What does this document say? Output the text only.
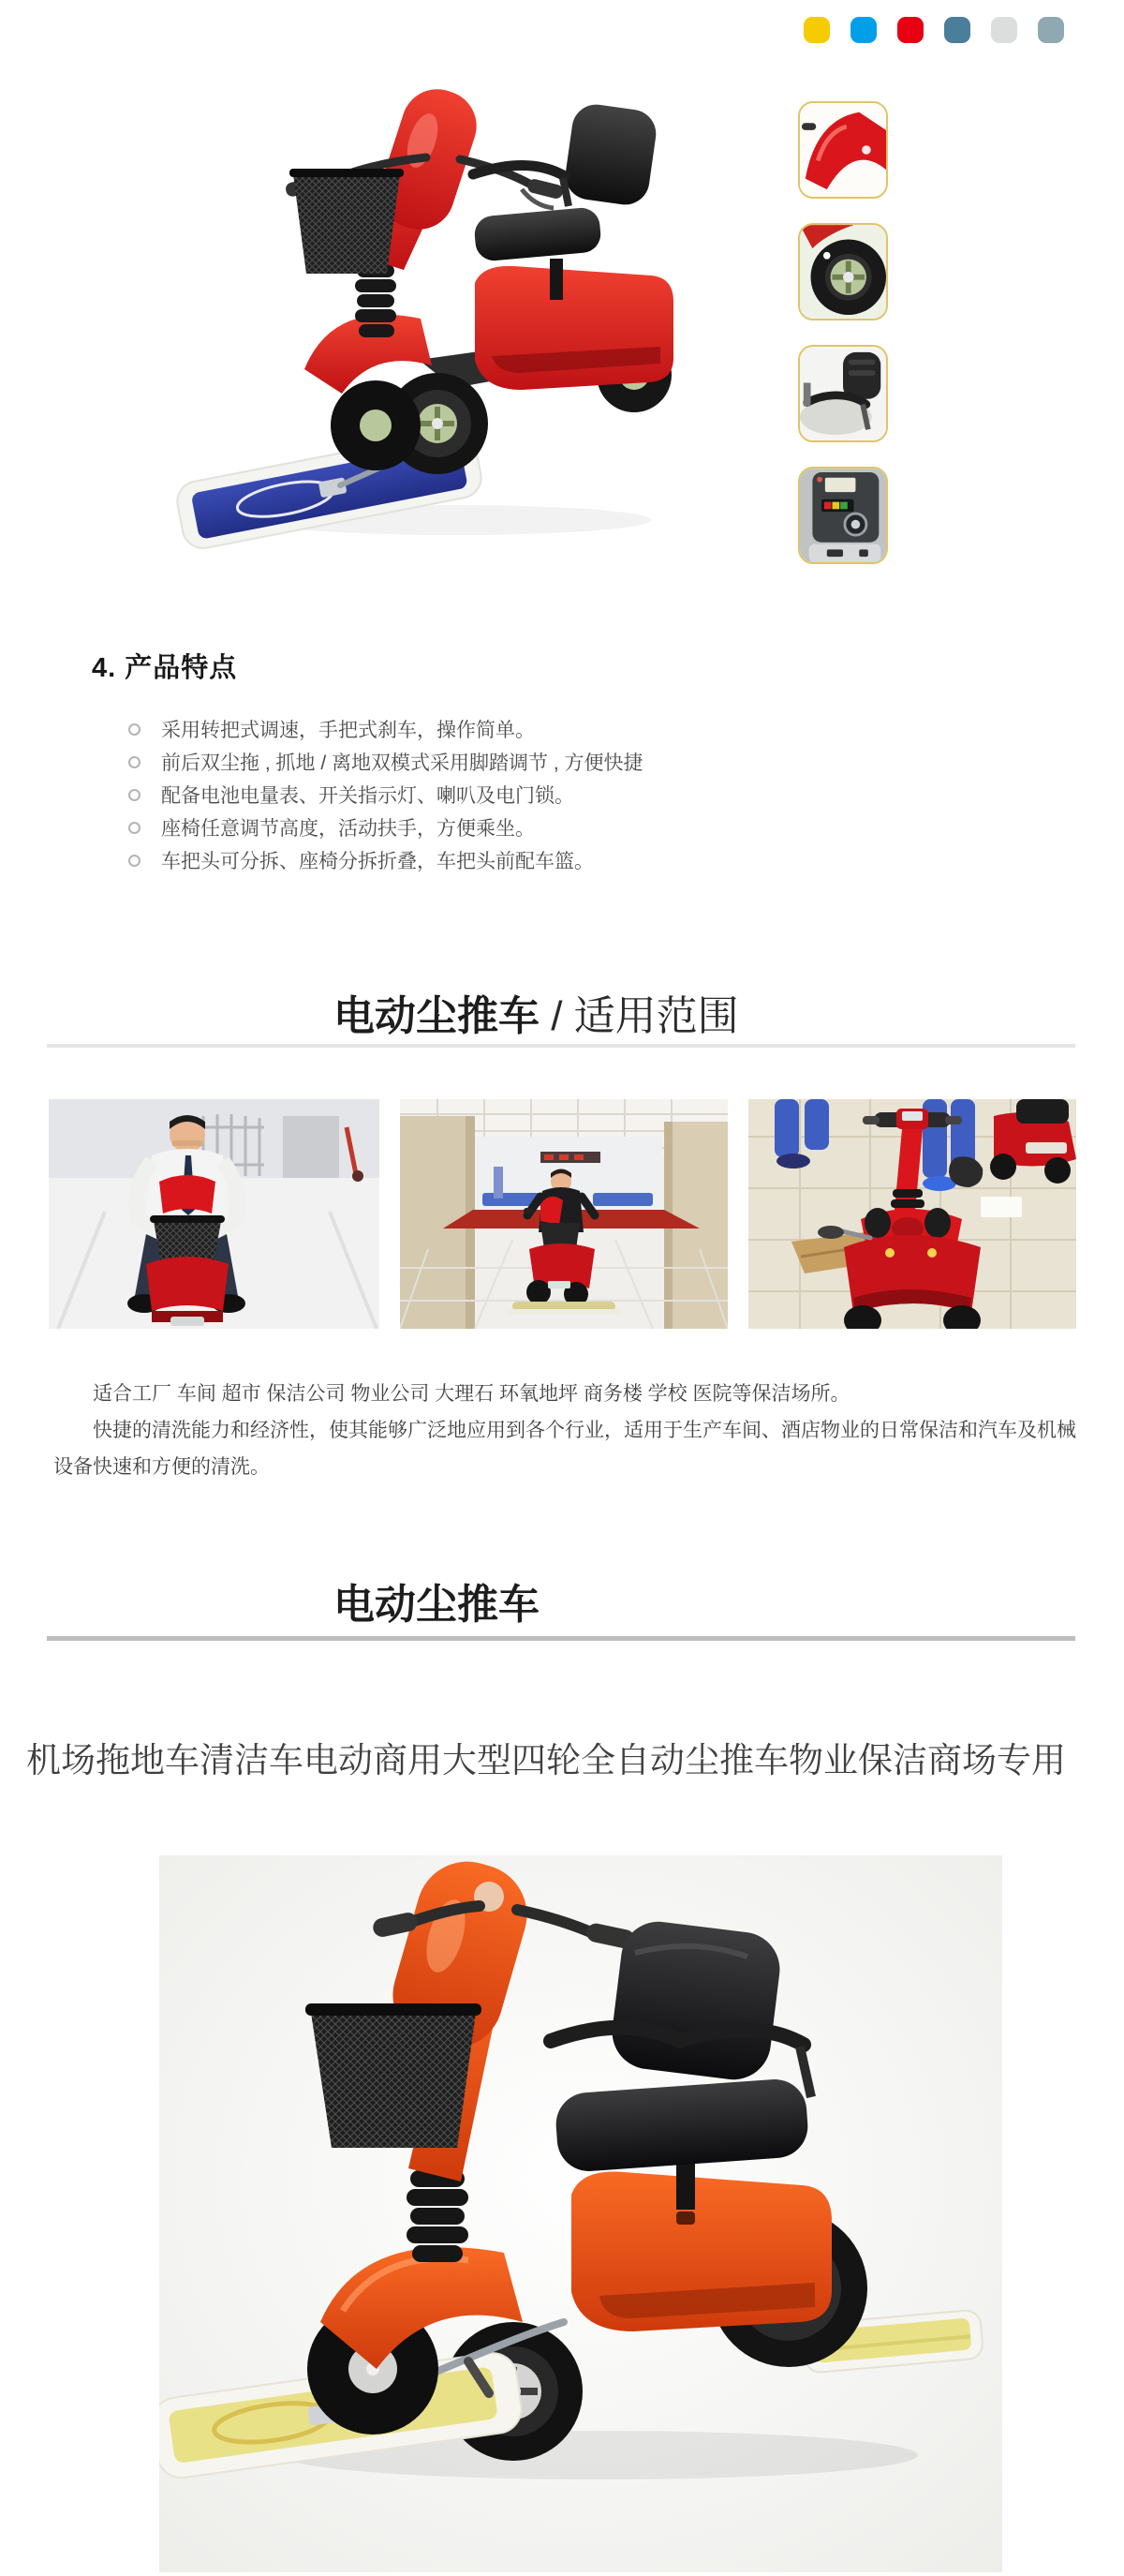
4. 产品特点
采用转把式调速，手把式刹车，操作简单。
前后双尘拖 , 抓地 / 离地双模式采用脚踏调节 , 方便快捷
配备电池电量表、开关指示灯、喇叭及电门锁。
座椅任意调节高度，活动扶手，方便乘坐。
车把头可分拆、座椅分拆折叠，车把头前配车篮。
电动尘推车 / 适用范围

适合工厂 车间 超市 保洁公司 物业公司 大理石 环氧地坪 商务楼 学校 医院等保洁场所。

快捷的清洗能力和经济性，使其能够广泛地应用到各个行业，适用于生产车间、酒店物业的日常保洁和汽车及机械设备快速和方便的清洗。

电动尘推车
机场拖地车清洁车电动商用大型四轮全自动尘推车物业保洁商场专用
